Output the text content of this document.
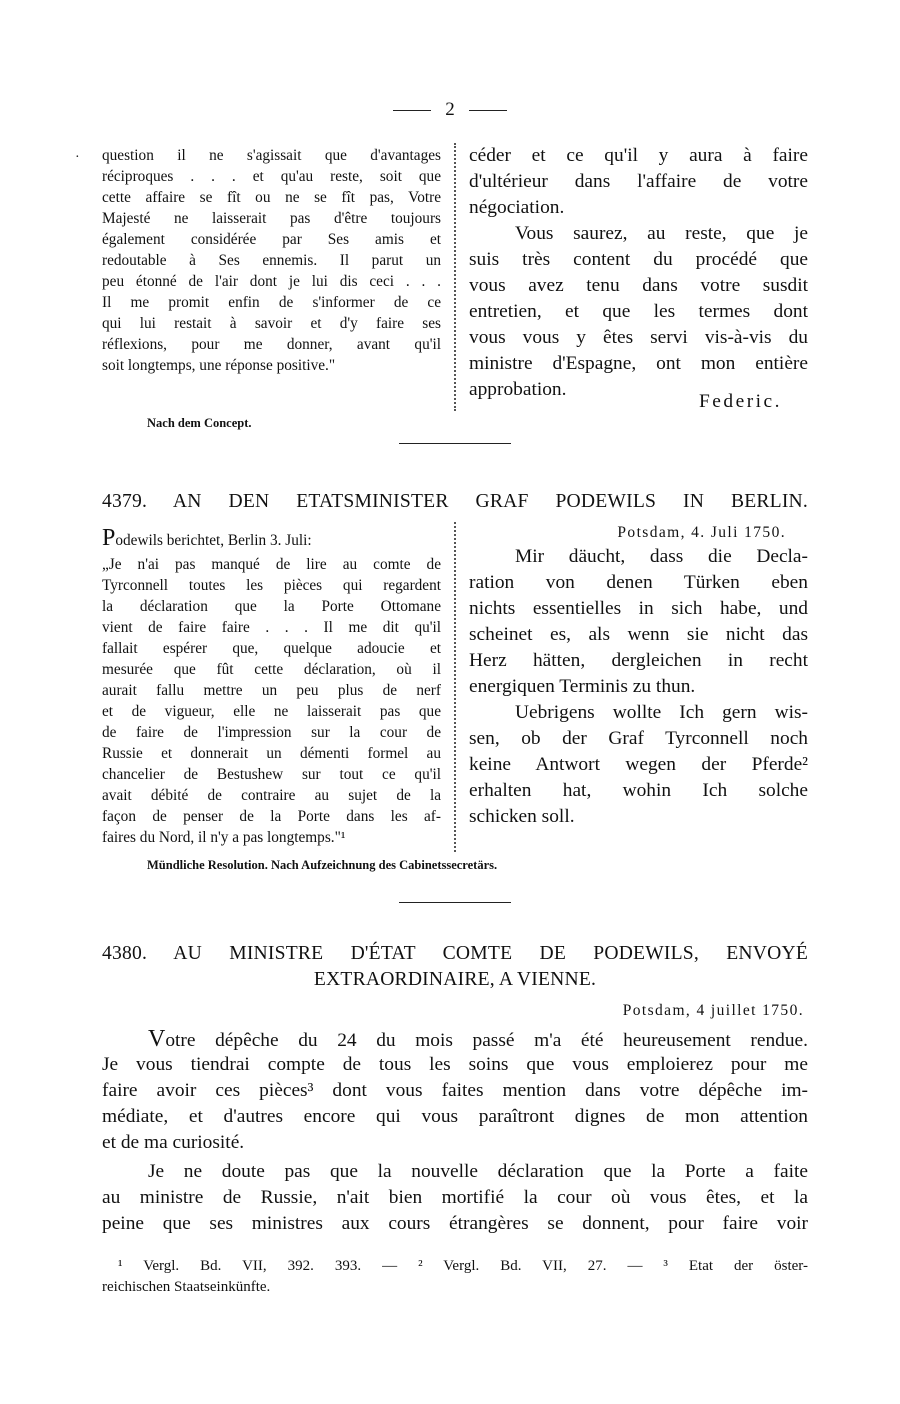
·
2
question il ne s'agissait que d'avantages
réciproques . . . et qu'au reste, soit que
cette affaire se fît ou ne se fît pas, Votre
Majesté ne laisserait pas d'être toujours
également considérée par Ses amis et
redoutable à Ses ennemis. Il parut un
peu étonné de l'air dont je lui dis ceci . . .
Il me promit enfin de s'informer de ce
qui lui restait à savoir et d'y faire ses
réflexions, pour me donner, avant qu'il
soit longtemps, une réponse positive."
céder et ce qu'il y aura à faire
d'ultérieur dans l'affaire de votre
négociation.
Vous saurez, au reste, que je
suis très content du procédé que
vous avez tenu dans votre susdit
entretien, et que les termes dont
vous vous y êtes servi vis-à-vis du
ministre d'Espagne, ont mon entière
approbation.
Federic.
Nach dem Concept.
4379. AN DEN ETATSMINISTER GRAF PODEWILS IN BERLIN.
Podewils berichtet, Berlin 3. Juli:
„Je n'ai pas manqué de lire au comte de
Tyrconnell toutes les pièces qui regardent
la déclaration que la Porte Ottomane
vient de faire faire . . . Il me dit qu'il
fallait espérer que, quelque adoucie et
mesurée que fût cette déclaration, où il
aurait fallu mettre un peu plus de nerf
et de vigueur, elle ne laisserait pas que
de faire de l'impression sur la cour de
Russie et donnerait un démenti formel au
chancelier de Bestushew sur tout ce qu'il
avait débité de contraire au sujet de la
façon de penser de la Porte dans les af-
faires du Nord, il n'y a pas longtemps."¹
Potsdam, 4. Juli 1750.
Mir däucht, dass die Decla-
ration von denen Türken eben
nichts essentielles in sich habe, und
scheinet es, als wenn sie nicht das
Herz hätten, dergleichen in recht
energiquen Terminis zu thun.
Uebrigens wollte Ich gern wis-
sen, ob der Graf Tyrconnell noch
keine Antwort wegen der Pferde²
erhalten hat, wohin Ich solche
schicken soll.
Mündliche Resolution. Nach Aufzeichnung des Cabinetssecretärs.
4380. AU MINISTRE D'ÉTAT COMTE DE PODEWILS, ENVOYÉ
EXTRAORDINAIRE, A VIENNE.
Potsdam, 4 juillet 1750.
Votre dépêche du 24 du mois passé m'a été heureusement rendue.
Je vous tiendrai compte de tous les soins que vous emploierez pour me
faire avoir ces pièces³ dont vous faites mention dans votre dépêche im-
médiate, et d'autres encore qui vous paraîtront dignes de mon attention
et de ma curiosité.
Je ne doute pas que la nouvelle déclaration que la Porte a faite
au ministre de Russie, n'ait bien mortifié la cour où vous êtes, et la
peine que ses ministres aux cours étrangères se donnent, pour faire voir
¹ Vergl. Bd. VII, 392. 393. — ² Vergl. Bd. VII, 27. — ³ Etat der öster-
reichischen Staatseinkünfte.
